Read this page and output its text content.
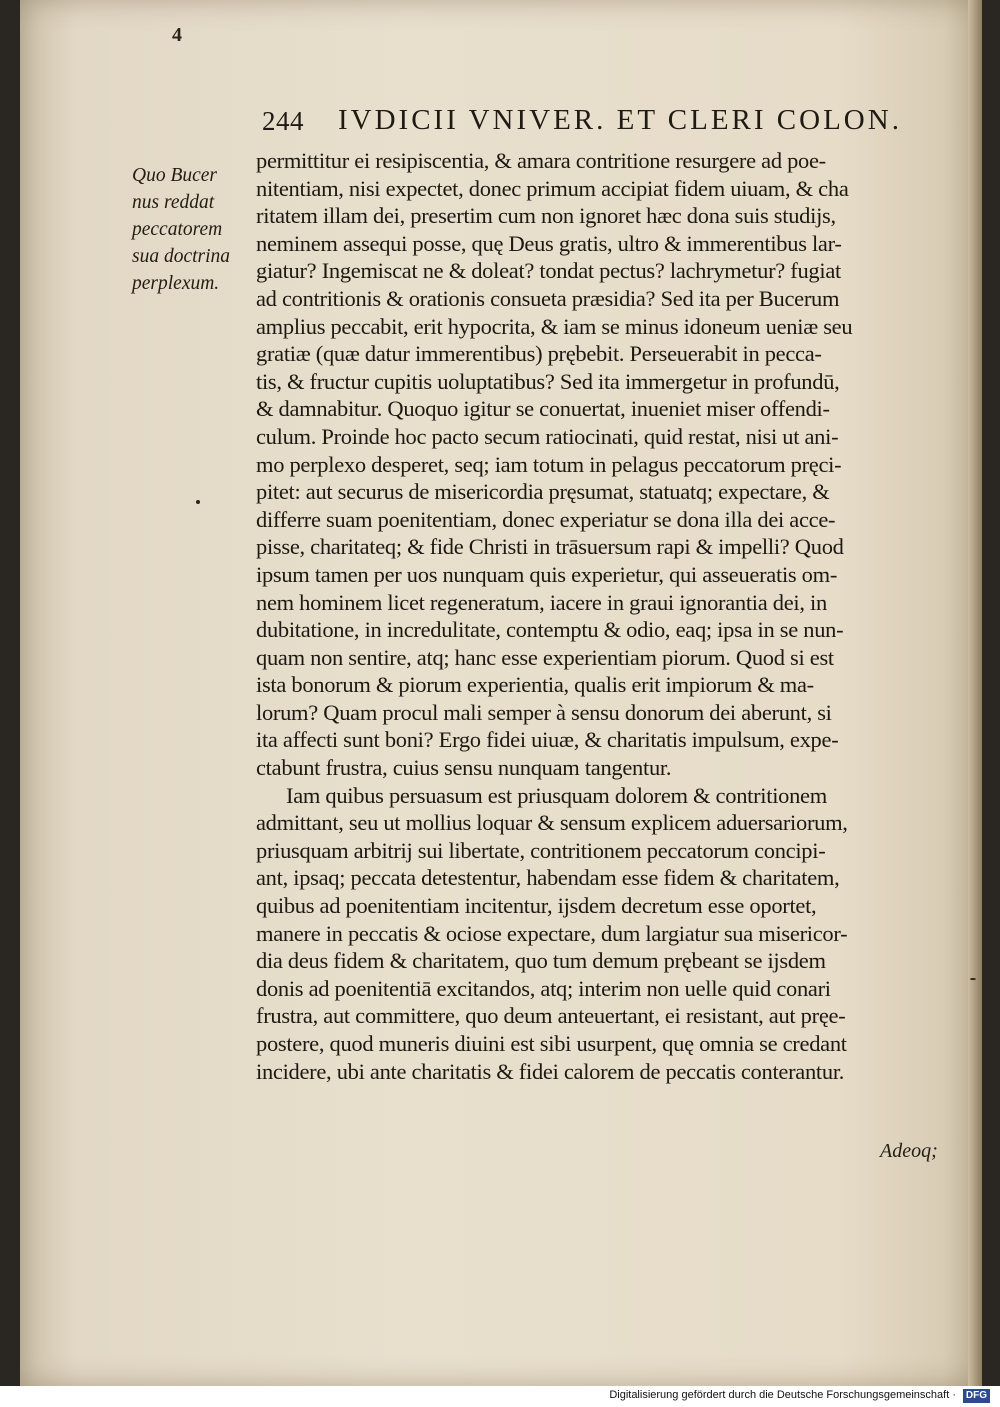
4
244 IVDICII VNIVER. ET CLERI COLON.
Quo Bucer
nus reddat
peccatorem
sua doctrina
perplexum.
permittitur ei resipiscentia, & amara contritione resurgere ad poe-
nitentiam, nisi expectet, donec primum accipiat fidem uiuam, & cha
ritatem illam dei, presertim cum non ignoret hæc dona suis studijs,
neminem assequi posse, quę Deus gratis, ultro & immerentibus lar-
giatur? Ingemiscat ne & doleat? tondat pectus? lachrymetur? fugiat
ad contritionis & orationis consueta præsidia? Sed ita per Bucerum
amplius peccabit, erit hypocrita, & iam se minus idoneum ueniæ seu
gratiæ (quæ datur immerentibus) prębebit. Perseuerabit in pecca-
tis, & fructur cupitis uoluptatibus? Sed ita immergetur in profundū,
& damnabitur. Quoquo igitur se conuertat, inueniet miser offendi-
culum. Proinde hoc pacto secum ratiocinati, quid restat, nisi ut ani-
mo perplexo desperet, seq; iam totum in pelagus peccatorum pręci-
pitet: aut securus de misericordia pręsumat, statuatq; expectare, &
differre suam poenitentiam, donec experiatur se dona illa dei acce-
pisse, charitateq; & fide Christi in trāsuersum rapi & impelli? Quod
ipsum tamen per uos nunquam quis experietur, qui asseueratis om-
nem hominem licet regeneratum, iacere in graui ignorantia dei, in
dubitatione, in incredulitate, contemptu & odio, eaq; ipsa in se nun-
quam non sentire, atq; hanc esse experientiam piorum. Quod si est
ista bonorum & piorum experientia, qualis erit impiorum & ma-
lorum? Quam procul mali semper à sensu donorum dei aberunt, si
ita affecti sunt boni? Ergo fidei uiuæ, & charitatis impulsum, expe-
ctabunt frustra, cuius sensu nunquam tangentur.
Iam quibus persuasum est priusquam dolorem & contritionem
admittant, seu ut mollius loquar & sensum explicem aduersariorum,
priusquam arbitrij sui libertate, contritionem peccatorum concipi-
ant, ipsaq; peccata detestentur, habendam esse fidem & charitatem,
quibus ad poenitentiam incitentur, ijsdem decretum esse oportet,
manere in peccatis & ociose expectare, dum largiatur sua misericor-
dia deus fidem & charitatem, quo tum demum prębeant se ijsdem
donis ad poenitentiā excitandos, atq; interim non uelle quid conari
frustra, aut committere, quo deum anteuertant, ei resistant, aut pręe-
postere, quod muneris diuini est sibi usurpent, quę omnia se credant
incidere, ubi ante charitatis & fidei calorem de peccatis conterantur.
Adeoq;
Digitalisierung gefördert durch die Deutsche Forschungsgemeinschaft · DFG
